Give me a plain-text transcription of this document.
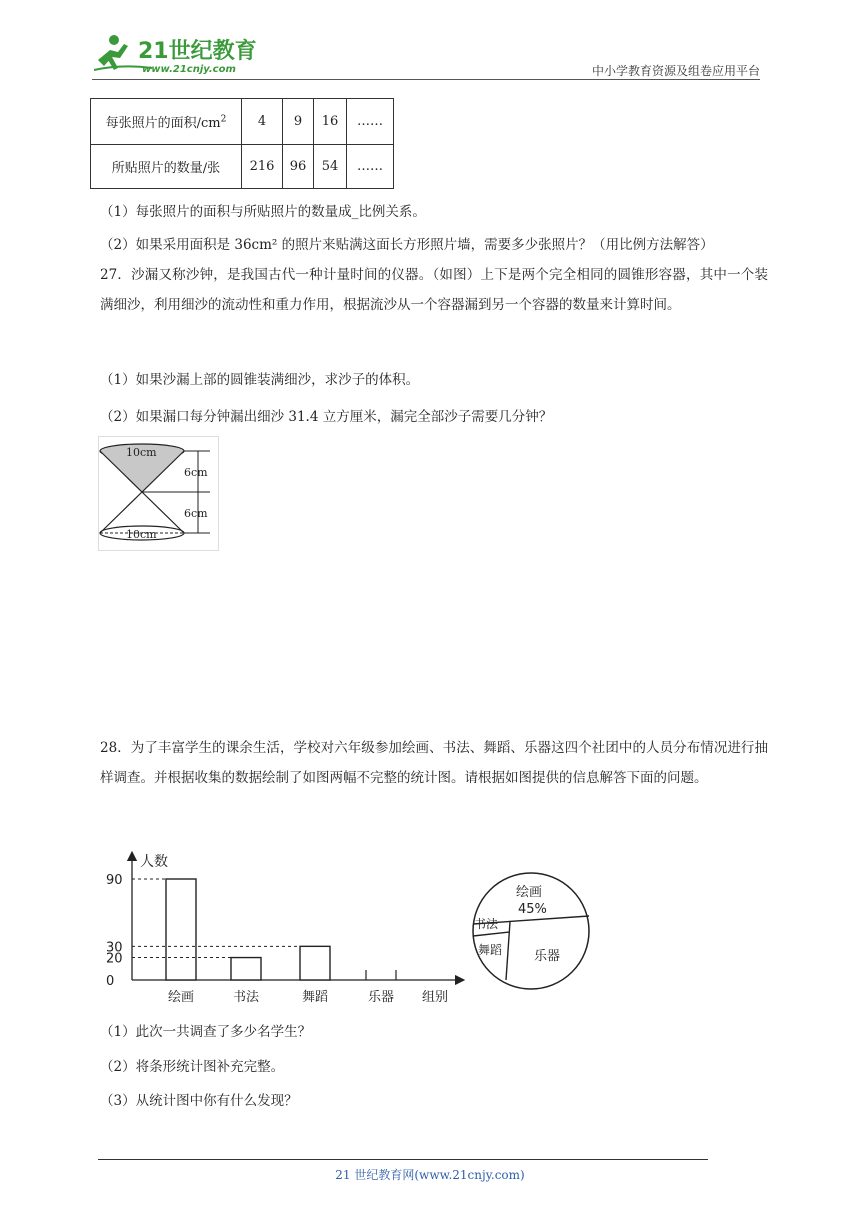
21世纪教育
www.21cnjy.com	中小学教育资源及组卷应用平台
每张照片的面积$/cm^2$	4	9	16	……
所贴照片的数量/张	216	96	54	……
（1）每张照片的面积与所贴照片的数量成_比例关系。
（2）如果采用面积是 36cm² 的照片来贴满这面长方形照片墙，需要多少张照片？（用比例方法解答）
27．沙漏又称沙钟，是我国古代一种计量时间的仪器。（如图）上下是两个完全相同的圆锥形容器，其中一个装满细沙，利用细沙的流动性和重力作用，根据流沙从一个容器漏到另一个容器的数量来计算时间。
（1）如果沙漏上部的圆锥装满细沙，求沙子的体积。
（2）如果漏口每分钟漏出细沙 31.4 立方厘米，漏完全部沙子需要几分钟？
10cm
10cm
6cm
6cm
28．为了丰富学生的课余生活，学校对六年级参加绘画、书法、舞蹈、乐器这四个社团中的人员分布情况进行抽样调查。并根据收集的数据绘制了如图两幅不完整的统计图。请根据如图提供的信息解答下面的问题。
人数
组别
0
20
30
90
绘画	书法	舞蹈	乐器
绘画
45%
书法
舞蹈 乐器
（1）此次一共调查了多少名学生？
（2）将条形统计图补充完整。
（3）从统计图中你有什么发现？
21 世纪教育网(www.21cnjy.com)
